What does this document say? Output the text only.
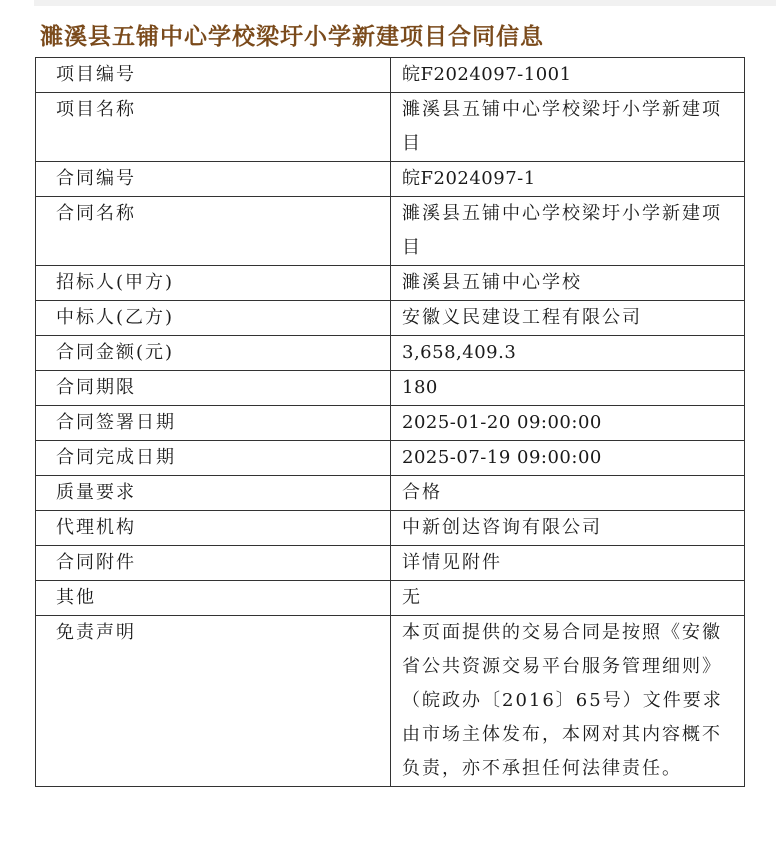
濉溪县五铺中心学校梁圩小学新建项目合同信息
项目编号	皖F2024097-1001
项目名称	濉溪县五铺中心学校梁圩小学新建项目
合同编号	皖F2024097-1
合同名称	濉溪县五铺中心学校梁圩小学新建项目
招标人(甲方)	濉溪县五铺中心学校
中标人(乙方)	安徽义民建设工程有限公司
合同金额(元)	3,658,409.3
合同期限	180
合同签署日期	2025-01-20 09:00:00
合同完成日期	2025-07-19 09:00:00
质量要求	合格
代理机构	中新创达咨询有限公司
合同附件	详情见附件
其他	无
免责声明	本页面提供的交易合同是按照《安徽省公共资源交易平台服务管理细则》（皖政办〔2016〕65号）文件要求由市场主体发布，本网对其内容概不负责，亦不承担任何法律责任。
